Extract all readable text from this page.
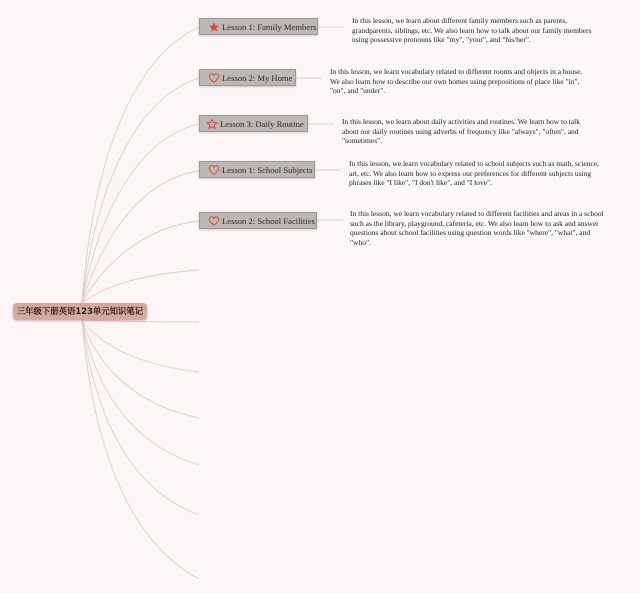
三年级下册英语123单元知识笔记
Lesson 1: Family Members
In this lesson, we learn about different family members such as parents, grandparents, siblings, etc. We also learn how to talk about our family members using possessive pronouns like "my", "your", and "his/her".
Lesson 2: My Home
In this lesson, we learn vocabulary related to different rooms and objects in a house. We also learn how to describe our own homes using prepositions of place like "in", "on", and "under".
Lesson 3: Daily Routine	In this lesson, we learn about daily activities and routines. We learn how to talk about our daily routines using adverbs of frequency like "always", "often", and "sometimes".
Lesson 1: School Subjects
In this lesson, we learn vocabulary related to school subjects such as math, science, art, etc. We also learn how to express our preferences for different subjects using phrases like "I like", "I don't like", and "I love".
Lesson 2: School Facilities
In this lesson, we learn vocabulary related to different facilities and areas in a school such as the library, playground, cafeteria, etc. We also learn how to ask and answer questions about school facilities using question words like "where", "what", and "who".
